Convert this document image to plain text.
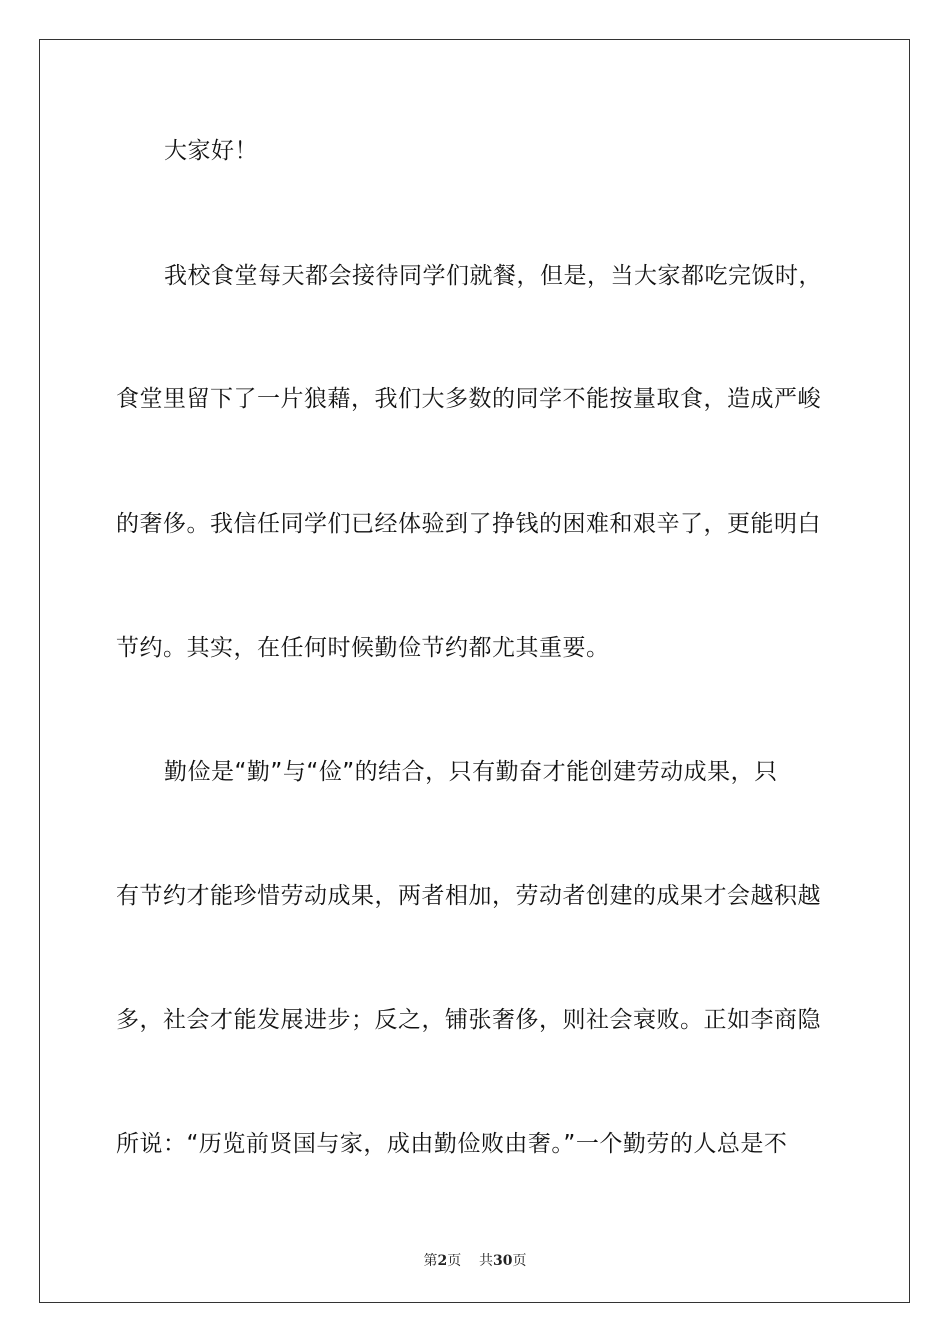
大家好！

我校食堂每天都会接待同学们就餐，但是，当大家都吃完饭时，

食堂里留下了一片狼藉，我们大多数的同学不能按量取食，造成严峻

的奢侈。我信任同学们已经体验到了挣钱的困难和艰辛了，更能明白

节约。其实，在任何时候勤俭节约都尤其重要。

勤俭是“勤”与“俭”的结合，只有勤奋才能创建劳动成果，只

有节约才能珍惜劳动成果，两者相加，劳动者创建的成果才会越积越

多，社会才能发展进步；反之，铺张奢侈，则社会衰败。正如李商隐

所说：“历览前贤国与家，成由勤俭败由奢。”一个勤劳的人总是不

第2页 共30页
